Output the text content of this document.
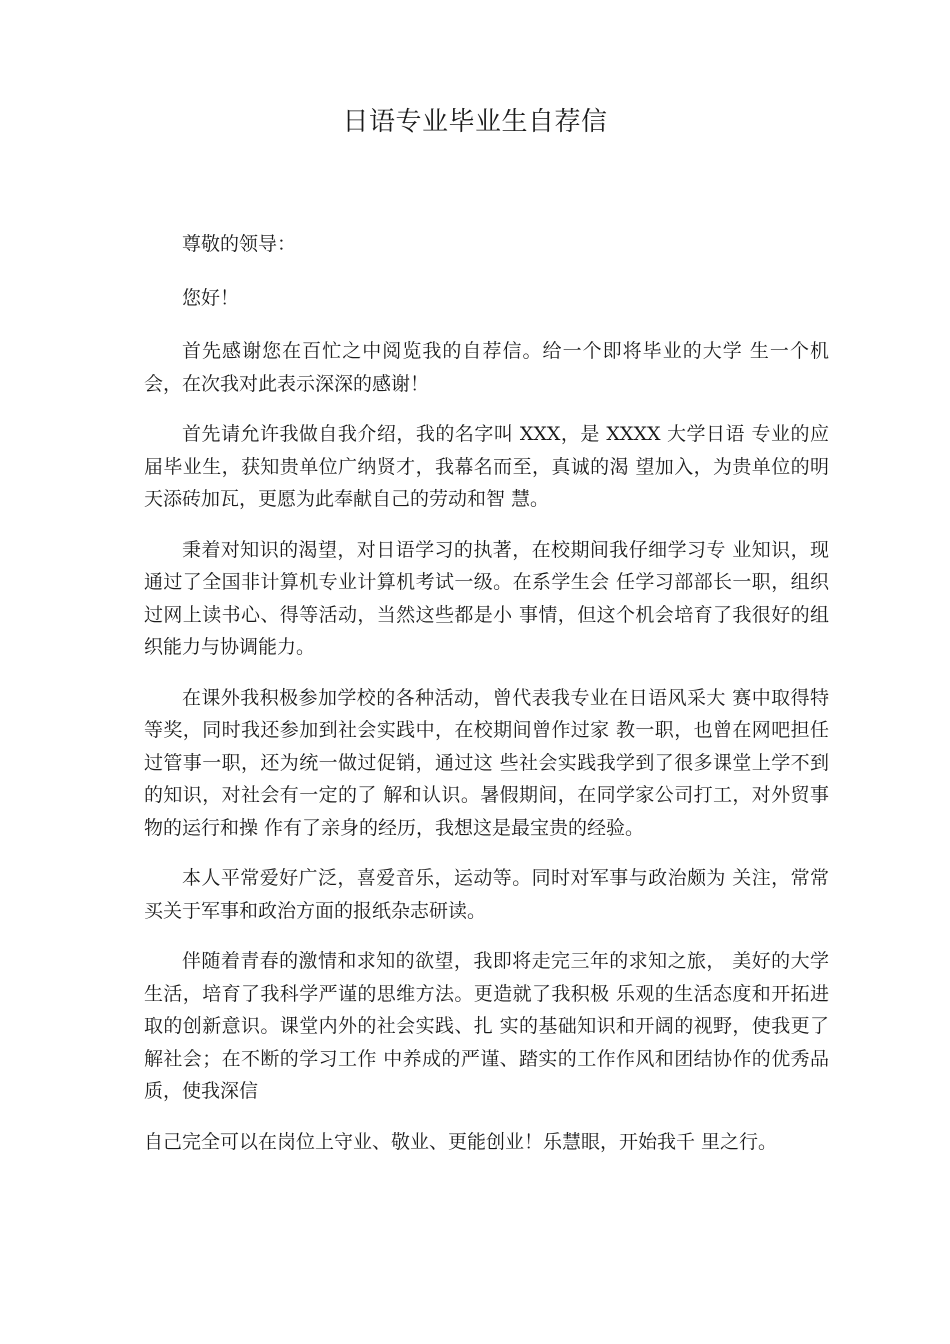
日语专业毕业生自荐信

尊敬的领导：

您好！

首先感谢您在百忙之中阅览我的自荐信。给一个即将毕业的大学 生一个机会，在次我对此表示深深的感谢！

首先请允许我做自我介绍，我的名字叫 XXX，是 XXXX 大学日语 专业的应届毕业生，获知贵单位广纳贤才，我幕名而至，真诚的渴 望加入，为贵单位的明天添砖加瓦，更愿为此奉献自己的劳动和智 慧。

秉着对知识的渴望，对日语学习的执著，在校期间我仔细学习专 业知识，现通过了全国非计算机专业计算机考试一级。在系学生会 任学习部部长一职，组织过网上读书心、得等活动，当然这些都是小 事情，但这个机会培育了我很好的组织能力与协调能力。

在课外我积极参加学校的各种活动，曾代表我专业在日语风采大 赛中取得特等奖，同时我还参加到社会实践中，在校期间曾作过家 教一职，也曾在网吧担任过管事一职，还为统一做过促销，通过这 些社会实践我学到了很多课堂上学不到的知识，对社会有一定的了 解和认识。暑假期间，在同学家公司打工，对外贸事物的运行和操 作有了亲身的经历，我想这是最宝贵的经验。

本人平常爱好广泛，喜爱音乐，运动等。同时对军事与政治颇为 关注，常常买关于军事和政治方面的报纸杂志研读。

伴随着青春的激情和求知的欲望，我即将走完三年的求知之旅， 美好的大学生活，培育了我科学严谨的思维方法。更造就了我积极 乐观的生活态度和开拓进取的创新意识。课堂内外的社会实践、扎 实的基础知识和开阔的视野，使我更了解社会；在不断的学习工作 中养成的严谨、踏实的工作作风和团结协作的优秀品质，使我深信

自己完全可以在岗位上守业、敬业、更能创业！乐慧眼，开始我千 里之行。
